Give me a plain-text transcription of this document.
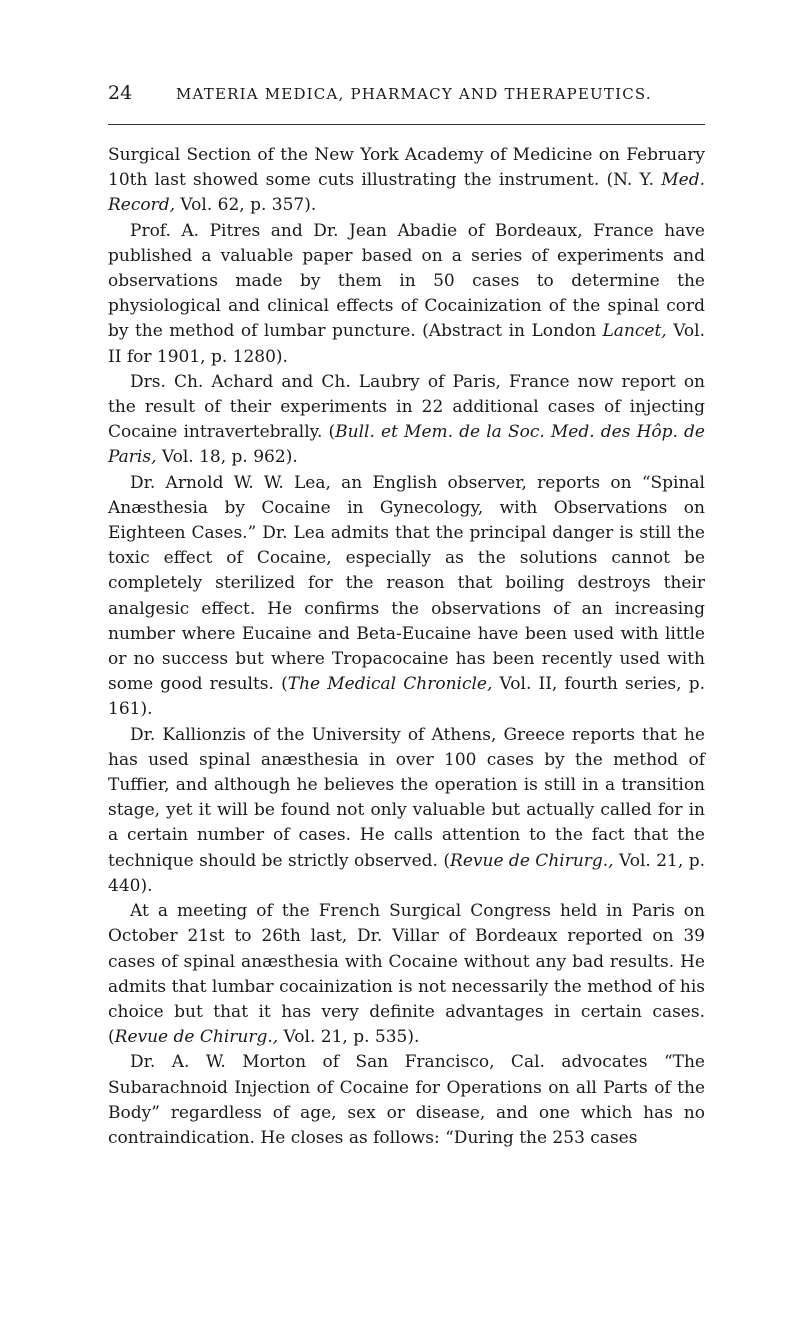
24	MATERIA MEDICA, PHARMACY AND THERAPEUTICS.

Surgical Section of the New York Academy of Medicine on February 10th last showed some cuts illustrating the instrument. (N. Y. Med. Record, Vol. 62, p. 357).

Prof. A. Pitres and Dr. Jean Abadie of Bordeaux, France have published a valuable paper based on a series of experiments and observations made by them in 50 cases to determine the physiological and clinical effects of Cocainization of the spinal cord by the method of lumbar puncture. (Abstract in London Lancet, Vol. II for 1901, p. 1280).

Drs. Ch. Achard and Ch. Laubry of Paris, France now report on the result of their experiments in 22 additional cases of injecting Cocaine intravertebrally. (Bull. et Mem. de la Soc. Med. des Hôp. de Paris, Vol. 18, p. 962).

Dr. Arnold W. W. Lea, an English observer, reports on “Spinal Anæsthesia by Cocaine in Gynecology, with Observations on Eighteen Cases.” Dr. Lea admits that the principal danger is still the toxic effect of Cocaine, especially as the solutions cannot be completely sterilized for the reason that boiling destroys their analgesic effect. He confirms the observations of an increasing number where Eucaine and Beta-Eucaine have been used with little or no success but where Tropacocaine has been recently used with some good results. (The Medical Chronicle, Vol. II, fourth series, p. 161).

Dr. Kallionzis of the University of Athens, Greece reports that he has used spinal anæsthesia in over 100 cases by the method of Tuffier, and although he believes the operation is still in a transition stage, yet it will be found not only valuable but actually called for in a certain number of cases. He calls attention to the fact that the technique should be strictly observed. (Revue de Chirurg., Vol. 21, p. 440).

At a meeting of the French Surgical Congress held in Paris on October 21st to 26th last, Dr. Villar of Bordeaux reported on 39 cases of spinal anæsthesia with Cocaine without any bad results. He admits that lumbar cocainization is not necessarily the method of his choice but that it has very definite advantages in certain cases. (Revue de Chirurg., Vol. 21, p. 535).

Dr. A. W. Morton of San Francisco, Cal. advocates “The Subarachnoid Injection of Cocaine for Operations on all Parts of the Body” regardless of age, sex or disease, and one which has no contraindication. He closes as follows: “During the 253 cases
